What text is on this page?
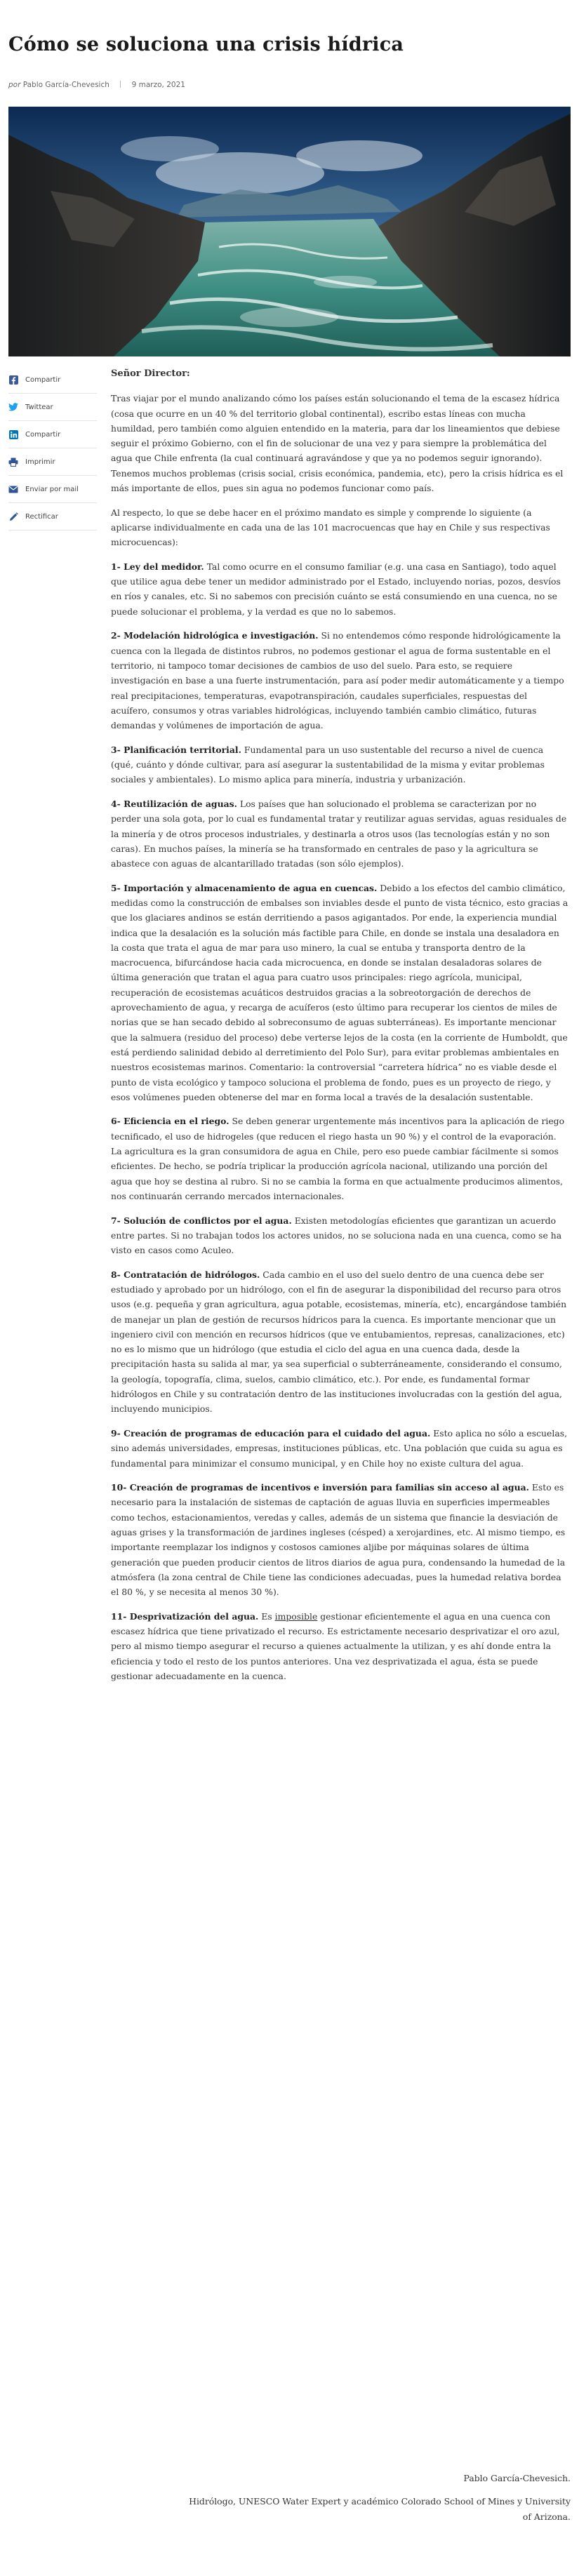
Cómo se soluciona una crisis hídrica
por Pablo García-Chevesich	9 marzo, 2021
Compartir
Twittear
Compartir
Imprimir
Enviar por mail
Rectificar

Señor Director:

Tras viajar por el mundo analizando cómo los países están solucionando el tema de la escasez hídrica (cosa que ocurre en un 40 % del territorio global continental), escribo estas líneas con mucha humildad, pero también como alguien entendido en la materia, para dar los lineamientos que debiese seguir el próximo Gobierno, con el fin de solucionar de una vez y para siempre la problemática del agua que Chile enfrenta (la cual continuará agravándose y que ya no podemos seguir ignorando). Tenemos muchos problemas (crisis social, crisis económica, pandemia, etc), pero la crisis hídrica es el más importante de ellos, pues sin agua no podemos funcionar como país.

Al respecto, lo que se debe hacer en el próximo mandato es simple y comprende lo siguiente (a aplicarse individualmente en cada una de las 101 macrocuencas que hay en Chile y sus respectivas microcuencas):

1- Ley del medidor. Tal como ocurre en el consumo familiar (e.g. una casa en Santiago), todo aquel que utilice agua debe tener un medidor administrado por el Estado, incluyendo norias, pozos, desvíos en ríos y canales, etc. Si no sabemos con precisión cuánto se está consumiendo en una cuenca, no se puede solucionar el problema, y la verdad es que no lo sabemos.

2- Modelación hidrológica e investigación. Si no entendemos cómo responde hidrológicamente la cuenca con la llegada de distintos rubros, no podemos gestionar el agua de forma sustentable en el territorio, ni tampoco tomar decisiones de cambios de uso del suelo. Para esto, se requiere investigación en base a una fuerte instrumentación, para así poder medir automáticamente y a tiempo real precipitaciones, temperaturas, evapotranspiración, caudales superficiales, respuestas del acuífero, consumos y otras variables hidrológicas, incluyendo también cambio climático, futuras demandas y volúmenes de importación de agua.

3- Planificación territorial. Fundamental para un uso sustentable del recurso a nivel de cuenca (qué, cuánto y dónde cultivar, para así asegurar la sustentabilidad de la misma y evitar problemas sociales y ambientales). Lo mismo aplica para minería, industria y urbanización.

4- Reutilización de aguas. Los países que han solucionado el problema se caracterizan por no perder una sola gota, por lo cual es fundamental tratar y reutilizar aguas servidas, aguas residuales de la minería y de otros procesos industriales, y destinarla a otros usos (las tecnologías están y no son caras). En muchos países, la minería se ha transformado en centrales de paso y la agricultura se abastece con aguas de alcantarillado tratadas (son sólo ejemplos).

5- Importación y almacenamiento de agua en cuencas. Debido a los efectos del cambio climático, medidas como la construcción de embalses son inviables desde el punto de vista técnico, esto gracias a que los glaciares andinos se están derritiendo a pasos agigantados. Por ende, la experiencia mundial indica que la desalación es la solución más factible para Chile, en donde se instala una desaladora en la costa que trata el agua de mar para uso minero, la cual se entuba y transporta dentro de la macrocuenca, bifurcándose hacia cada microcuenca, en donde se instalan desaladoras solares de última generación que tratan el agua para cuatro usos principales: riego agrícola, municipal, recuperación de ecosistemas acuáticos destruidos gracias a la sobreotorgación de derechos de aprovechamiento de agua, y recarga de acuíferos (esto último para recuperar los cientos de miles de norias que se han secado debido al sobreconsumo de aguas subterráneas). Es importante mencionar que la salmuera (residuo del proceso) debe verterse lejos de la costa (en la corriente de Humboldt, que está perdiendo salinidad debido al derretimiento del Polo Sur), para evitar problemas ambientales en nuestros ecosistemas marinos. Comentario: la controversial “carretera hídrica” no es viable desde el punto de vista ecológico y tampoco soluciona el problema de fondo, pues es un proyecto de riego, y esos volúmenes pueden obtenerse del mar en forma local a través de la desalación sustentable.

6- Eficiencia en el riego. Se deben generar urgentemente más incentivos para la aplicación de riego tecnificado, el uso de hidrogeles (que reducen el riego hasta un 90 %) y el control de la evaporación. La agricultura es la gran consumidora de agua en Chile, pero eso puede cambiar fácilmente si somos eficientes. De hecho, se podría triplicar la producción agrícola nacional, utilizando una porción del agua que hoy se destina al rubro. Si no se cambia la forma en que actualmente producimos alimentos, nos continuarán cerrando mercados internacionales.

7- Solución de conflictos por el agua. Existen metodologías eficientes que garantizan un acuerdo entre partes. Si no trabajan todos los actores unidos, no se soluciona nada en una cuenca, como se ha visto en casos como Aculeo.

8- Contratación de hidrólogos. Cada cambio en el uso del suelo dentro de una cuenca debe ser estudiado y aprobado por un hidrólogo, con el fin de asegurar la disponibilidad del recurso para otros usos (e.g. pequeña y gran agricultura, agua potable, ecosistemas, minería, etc), encargándose también de manejar un plan de gestión de recursos hídricos para la cuenca. Es importante mencionar que un ingeniero civil con mención en recursos hídricos (que ve entubamientos, represas, canalizaciones, etc) no es lo mismo que un hidrólogo (que estudia el ciclo del agua en una cuenca dada, desde la precipitación hasta su salida al mar, ya sea superficial o subterráneamente, considerando el consumo, la geología, topografía, clima, suelos, cambio climático, etc.). Por ende, es fundamental formar hidrólogos en Chile y su contratación dentro de las instituciones involucradas con la gestión del agua, incluyendo municipios.

9- Creación de programas de educación para el cuidado del agua. Esto aplica no sólo a escuelas, sino además universidades, empresas, instituciones públicas, etc. Una población que cuida su agua es fundamental para minimizar el consumo municipal, y en Chile hoy no existe cultura del agua.

10- Creación de programas de incentivos e inversión para familias sin acceso al agua. Esto es necesario para la instalación de sistemas de captación de aguas lluvia en superficies impermeables como techos, estacionamientos, veredas y calles, además de un sistema que financie la desviación de aguas grises y la transformación de jardines ingleses (césped) a xerojardines, etc. Al mismo tiempo, es importante reemplazar los indignos y costosos camiones aljibe por máquinas solares de última generación que pueden producir cientos de litros diarios de agua pura, condensando la humedad de la atmósfera (la zona central de Chile tiene las condiciones adecuadas, pues la humedad relativa bordea el 80 %, y se necesita al menos 30 %).

11- Desprivatización del agua. Es imposible gestionar eficientemente el agua en una cuenca con escasez hídrica que tiene privatizado el recurso. Es estrictamente necesario desprivatizar el oro azul, pero al mismo tiempo asegurar el recurso a quienes actualmente la utilizan, y es ahí donde entra la eficiencia y todo el resto de los puntos anteriores. Una vez desprivatizada el agua, ésta se puede gestionar adecuadamente en la cuenca.

Pablo García-Chevesich.

Hidrólogo, UNESCO Water Expert y académico Colorado School of Mines y University
of Arizona.
